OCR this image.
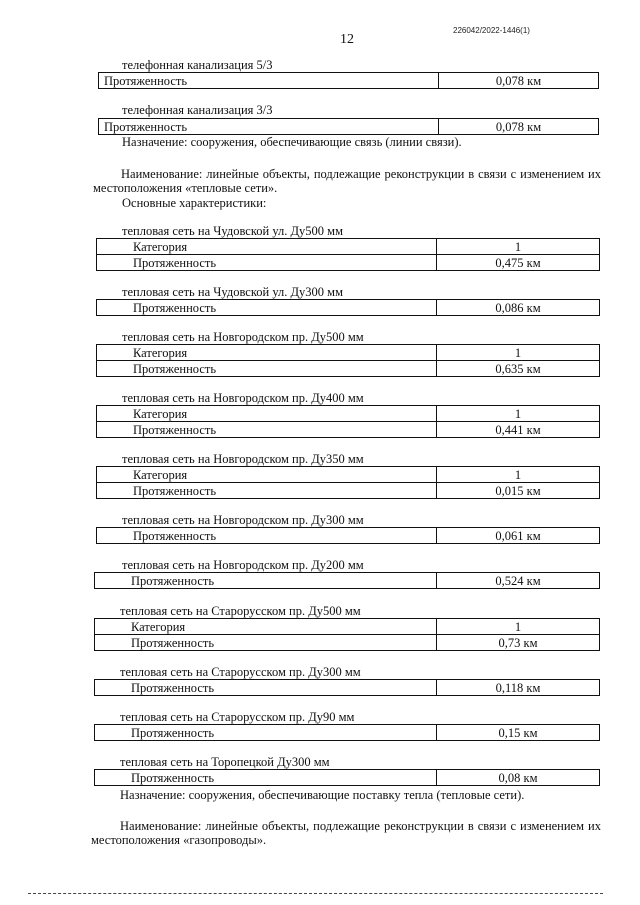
12
226042/2022-1446(1)
телефонная канализация 5/3
Протяженность	0,078 км
телефонная канализация 3/3
Протяженность	0,078 км
Назначение: сооружения, обеспечивающие связь (линии связи).
Наименование: линейные объекты, подлежащие реконструкции в связи с изменением их местоположения «тепловые сети».
Основные характеристики:
тепловая сеть на Чудовской ул. Ду500 мм
Категория	1
Протяженность	0,475 км
тепловая сеть на Чудовской ул. Ду300 мм
Протяженность	0,086 км
тепловая сеть на Новгородском пр. Ду500 мм
Категория	1
Протяженность	0,635 км
тепловая сеть на Новгородском пр. Ду400 мм
Категория	1
Протяженность	0,441 км
тепловая сеть на Новгородском пр. Ду350 мм
Категория	1
Протяженность	0,015 км
тепловая сеть на Новгородском пр. Ду300 мм
Протяженность	0,061 км
тепловая сеть на Новгородском пр. Ду200 мм
Протяженность	0,524 км
тепловая сеть на Старорусском пр. Ду500 мм
Категория	1
Протяженность	0,73 км
тепловая сеть на Старорусском пр. Ду300 мм
Протяженность	0,118 км
тепловая сеть на Старорусском пр. Ду90 мм
Протяженность	0,15 км
тепловая сеть на Торопецкой Ду300 мм
Протяженность	0,08 км
Назначение: сооружения, обеспечивающие поставку тепла (тепловые сети).
Наименование: линейные объекты, подлежащие реконструкции в связи с изменением их местоположения «газопроводы».
